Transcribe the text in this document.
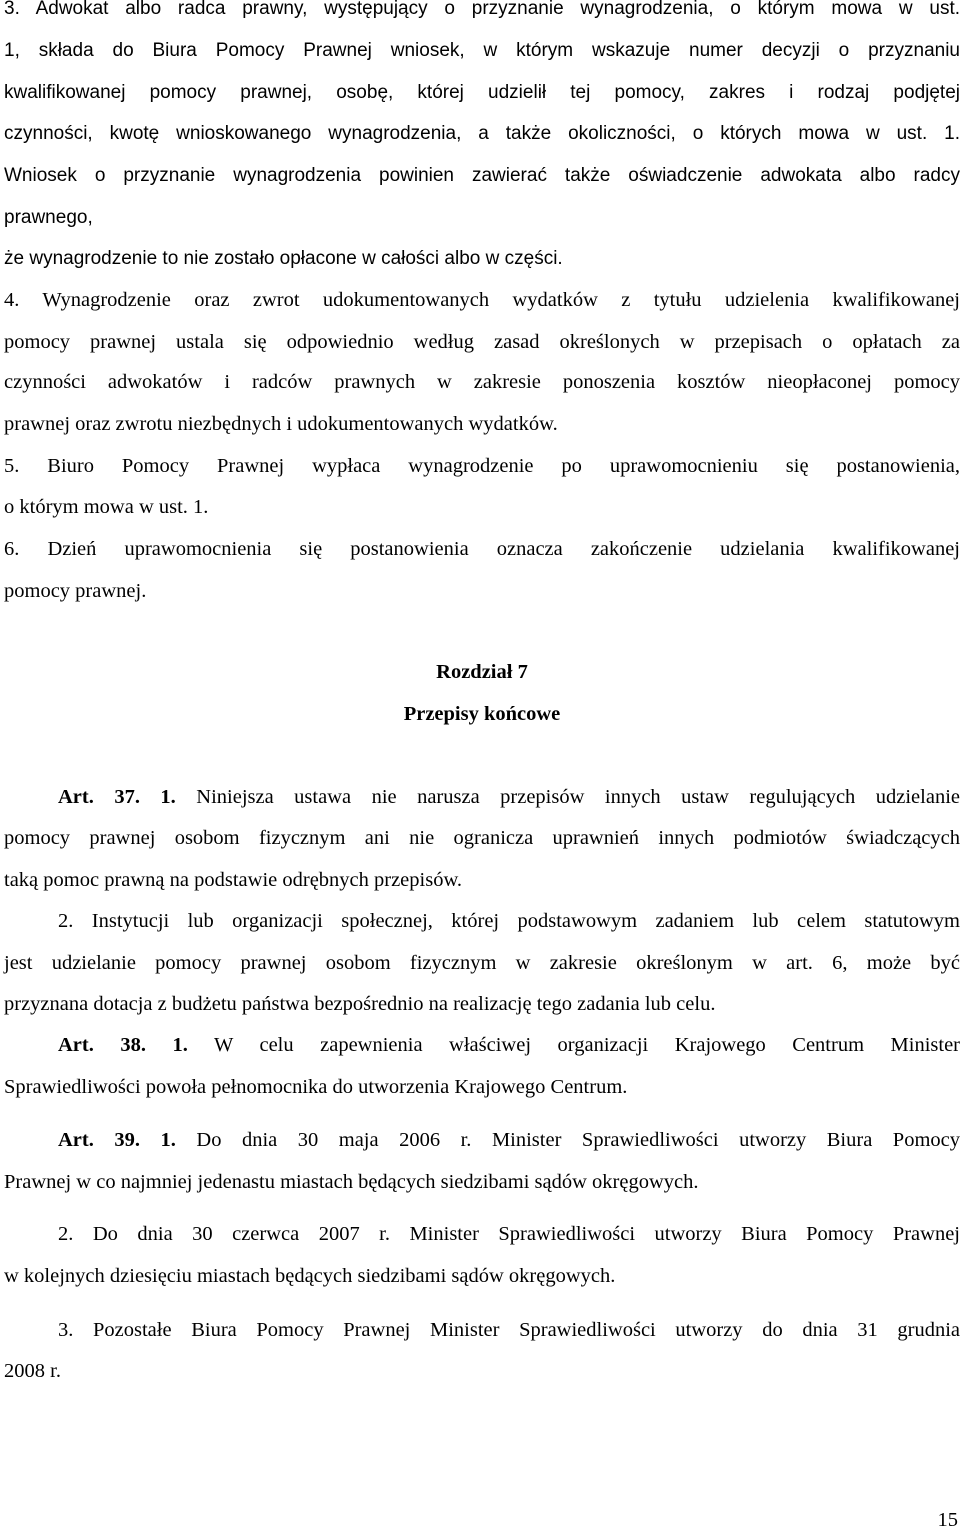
3. Adwokat albo radca prawny, występujący o przyznanie wynagrodzenia, o którym mowa w ust.
1, składa do Biura Pomocy Prawnej wniosek, w którym wskazuje numer decyzji o przyznaniu
kwalifikowanej pomocy prawnej, osobę, której udzielił tej pomocy, zakres i rodzaj podjętej
czynności, kwotę wnioskowanego wynagrodzenia, a także okoliczności, o których mowa w ust. 1.
Wniosek o przyznanie wynagrodzenia powinien zawierać także oświadczenie adwokata albo radcy
prawnego,
że wynagrodzenie to nie zostało opłacone w całości albo w części.
4. Wynagrodzenie oraz zwrot udokumentowanych wydatków z tytułu udzielenia kwalifikowanej
pomocy prawnej ustala się odpowiednio według zasad określonych w przepisach o opłatach za
czynności adwokatów i radców prawnych w zakresie ponoszenia kosztów nieopłaconej pomocy
prawnej oraz zwrotu niezbędnych i udokumentowanych wydatków.
5. Biuro Pomocy Prawnej wypłaca wynagrodzenie po uprawomocnieniu się postanowienia,
o którym mowa w ust. 1.
6. Dzień uprawomocnienia się postanowienia oznacza zakończenie udzielania kwalifikowanej
pomocy prawnej.
Rozdział 7
Przepisy końcowe
Art. 37. 1. Niniejsza ustawa nie narusza przepisów innych ustaw regulujących udzielanie
pomocy prawnej osobom fizycznym ani nie ogranicza uprawnień innych podmiotów świadczących
taką pomoc prawną na podstawie odrębnych przepisów.
2. Instytucji lub organizacji społecznej, której podstawowym zadaniem lub celem statutowym
jest udzielanie pomocy prawnej osobom fizycznym w zakresie określonym w art. 6, może być
przyznana dotacja z budżetu państwa bezpośrednio na realizację tego zadania lub celu.
Art. 38. 1. W celu zapewnienia właściwej organizacji Krajowego Centrum Minister
Sprawiedliwości powoła pełnomocnika do utworzenia Krajowego Centrum.
Art. 39. 1. Do dnia 30 maja 2006 r. Minister Sprawiedliwości utworzy Biura Pomocy
Prawnej w co najmniej jedenastu miastach będących siedzibami sądów okręgowych.
2. Do dnia 30 czerwca 2007 r. Minister Sprawiedliwości utworzy Biura Pomocy Prawnej
w kolejnych dziesięciu miastach będących siedzibami sądów okręgowych.
3. Pozostałe Biura Pomocy Prawnej Minister Sprawiedliwości utworzy do dnia 31 grudnia
2008 r.
15
